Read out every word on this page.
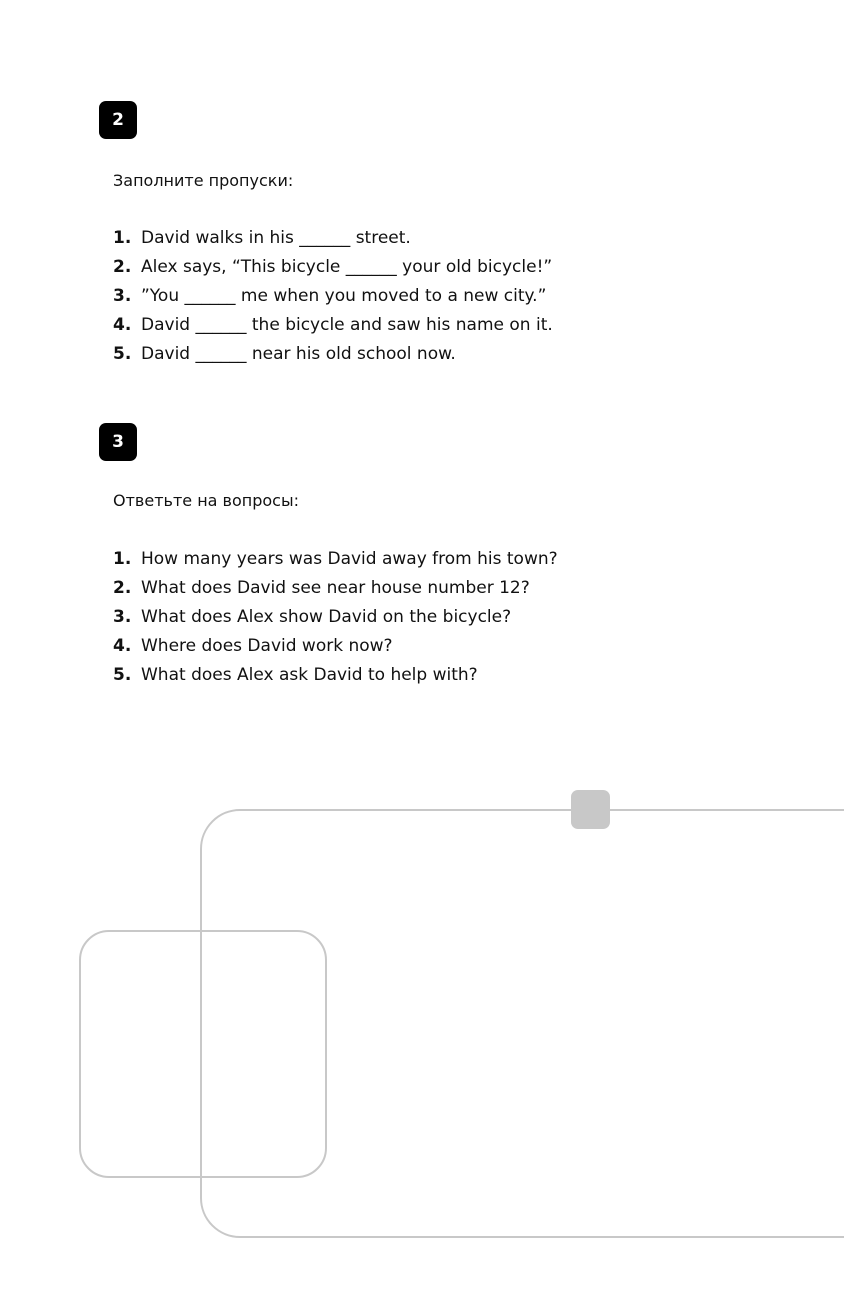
2
Заполните пропуски:
1. David walks in his ______ street.
2. Alex says, “This bicycle ______ your old bicycle!”
3. ”You ______ me when you moved to a new city.”
4. David ______ the bicycle and saw his name on it.
5. David ______ near his old school now.
3
Ответьте на вопросы:
1. How many years was David away from his town?
2. What does David see near house number 12?
3. What does Alex show David on the bicycle?
4. Where does David work now?
5. What does Alex ask David to help with?
